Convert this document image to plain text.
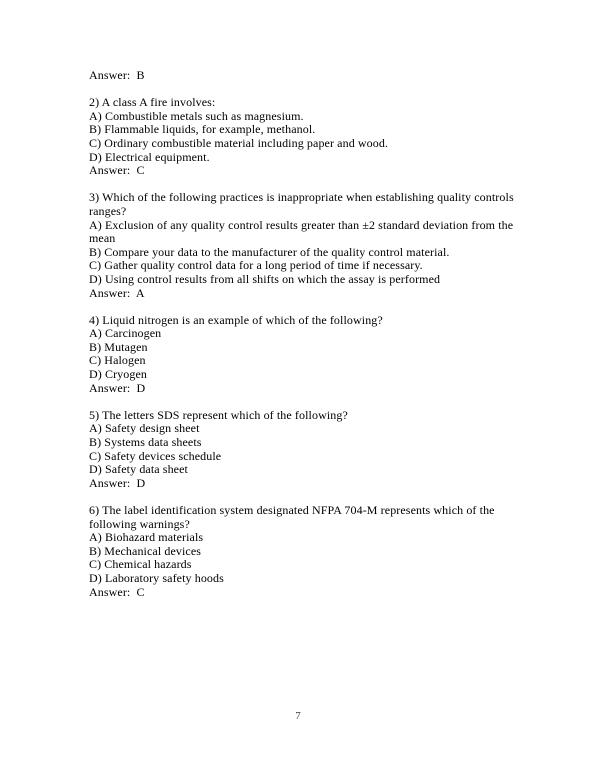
Answer:  B
2) A class A fire involves:
A) Combustible metals such as magnesium.
B) Flammable liquids, for example, methanol.
C) Ordinary combustible material including paper and wood.
D) Electrical equipment.
Answer:  C
3) Which of the following practices is inappropriate when establishing quality controls
ranges?
A) Exclusion of any quality control results greater than ±2 standard deviation from the
mean
B) Compare your data to the manufacturer of the quality control material.
C) Gather quality control data for a long period of time if necessary.
D) Using control results from all shifts on which the assay is performed
Answer:  A
4) Liquid nitrogen is an example of which of the following?
A) Carcinogen
B) Mutagen
C) Halogen
D) Cryogen
Answer:  D
5) The letters SDS represent which of the following?
A) Safety design sheet
B) Systems data sheets
C) Safety devices schedule
D) Safety data sheet
Answer:  D
6) The label identification system designated NFPA 704-M represents which of the
following warnings?
A) Biohazard materials
B) Mechanical devices
C) Chemical hazards
D) Laboratory safety hoods
Answer:  C
7
